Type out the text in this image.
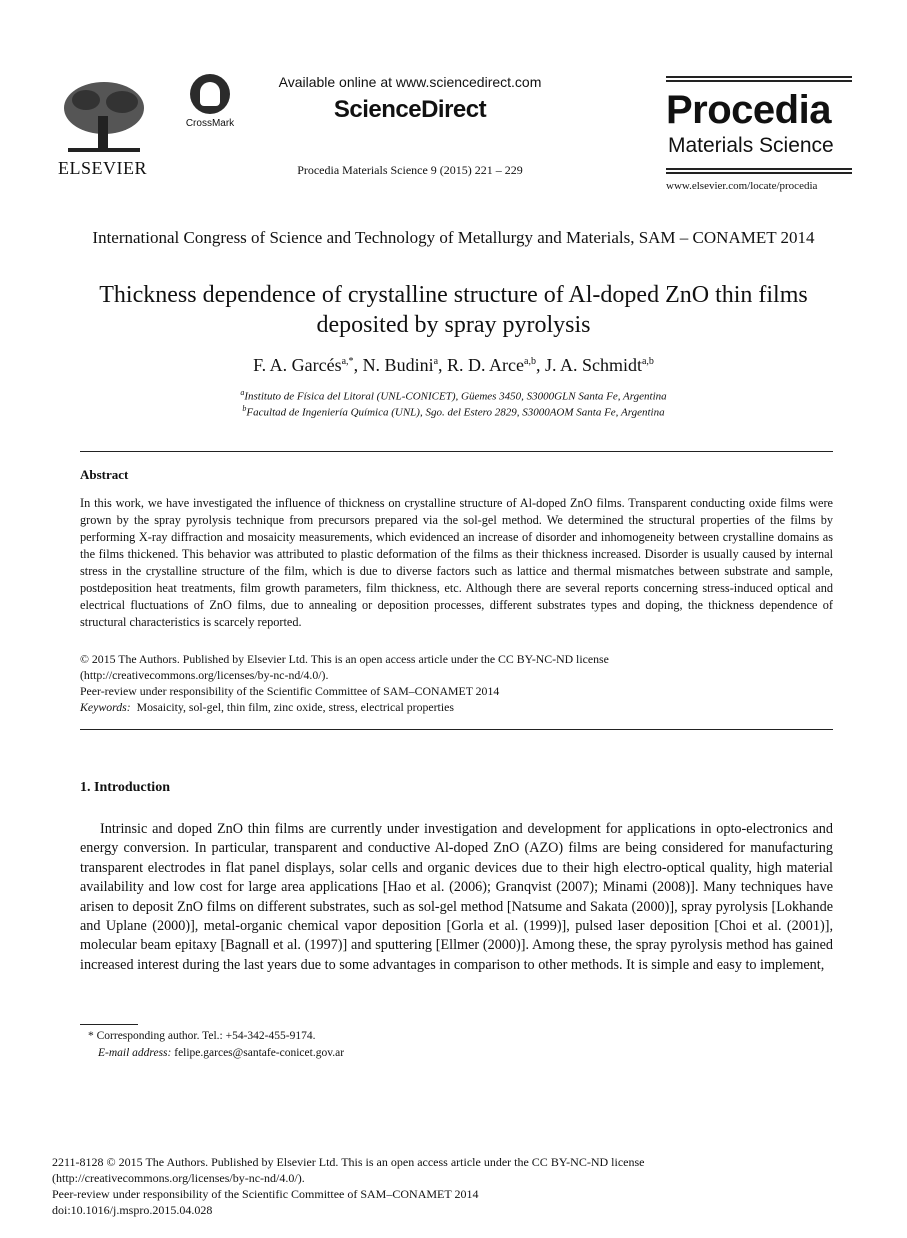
ELSEVIER
CrossMark
Available online at www.sciencedirect.com
ScienceDirect
Procedia Materials Science 9 (2015) 221 – 229
Procedia
Materials Science
www.elsevier.com/locate/procedia
International Congress of Science and Technology of Metallurgy and Materials, SAM – CONAMET 2014
Thickness dependence of crystalline structure of Al-doped ZnO thin films deposited by spray pyrolysis
F. A. Garcés$^{a,*}$, N. Budini$^a$, R. D. Arce$^{a,b}$, J. A. Schmidt$^{a,b}$
$^a$Instituto de Física del Litoral (UNL-CONICET), Güemes 3450, S3000GLN Santa Fe, Argentina
$^b$Facultad de Ingeniería Química (UNL), Sgo. del Estero 2829, S3000AOM Santa Fe, Argentina
Abstract
In this work, we have investigated the influence of thickness on crystalline structure of Al-doped ZnO films. Transparent conducting oxide films were grown by the spray pyrolysis technique from precursors prepared via the sol-gel method. We determined the structural properties of the films by performing X-ray diffraction and mosaicity measurements, which evidenced an increase of disorder and inhomogeneity between crystalline domains as the films thickened. This behavior was attributed to plastic deformation of the films as their thickness increased. Disorder is usually caused by internal stress in the crystalline structure of the film, which is due to diverse factors such as lattice and thermal mismatches between substrate and sample, postdeposition heat treatments, film growth parameters, film thickness, etc. Although there are several reports concerning stress-induced optical and electrical fluctuations of ZnO films, due to annealing or deposition processes, different substrates types and doping, the thickness dependence of structural characteristics is scarcely reported.
© 2015 The Authors. Published by Elsevier Ltd. This is an open access article under the CC BY-NC-ND license
(http://creativecommons.org/licenses/by-nc-nd/4.0/).
Peer-review under responsibility of the Scientific Committee of SAM–CONAMET 2014
Keywords: Mosaicity, sol-gel, thin film, zinc oxide, stress, electrical properties
1. Introduction
Intrinsic and doped ZnO thin films are currently under investigation and development for applications in opto-electronics and energy conversion. In particular, transparent and conductive Al-doped ZnO (AZO) films are being considered for manufacturing transparent electrodes in flat panel displays, solar cells and organic devices due to their high electro-optical quality, high material availability and low cost for large area applications [Hao et al. (2006); Granqvist (2007); Minami (2008)]. Many techniques have arisen to deposit ZnO films on different substrates, such as sol-gel method [Natsume and Sakata (2000)], spray pyrolysis [Lokhande and Uplane (2000)], metal-organic chemical vapor deposition [Gorla et al. (1999)], pulsed laser deposition [Choi et al. (2001)], molecular beam epitaxy [Bagnall et al. (1997)] and sputtering [Ellmer (2000)]. Among these, the spray pyrolysis method has gained increased interest during the last years due to some advantages in comparison to other methods. It is simple and easy to implement,
* Corresponding author. Tel.: +54-342-455-9174.
E-mail address: felipe.garces@santafe-conicet.gov.ar
2211-8128 © 2015 The Authors. Published by Elsevier Ltd. This is an open access article under the CC BY-NC-ND license
(http://creativecommons.org/licenses/by-nc-nd/4.0/).
Peer-review under responsibility of the Scientific Committee of SAM–CONAMET 2014
doi:10.1016/j.mspro.2015.04.028
